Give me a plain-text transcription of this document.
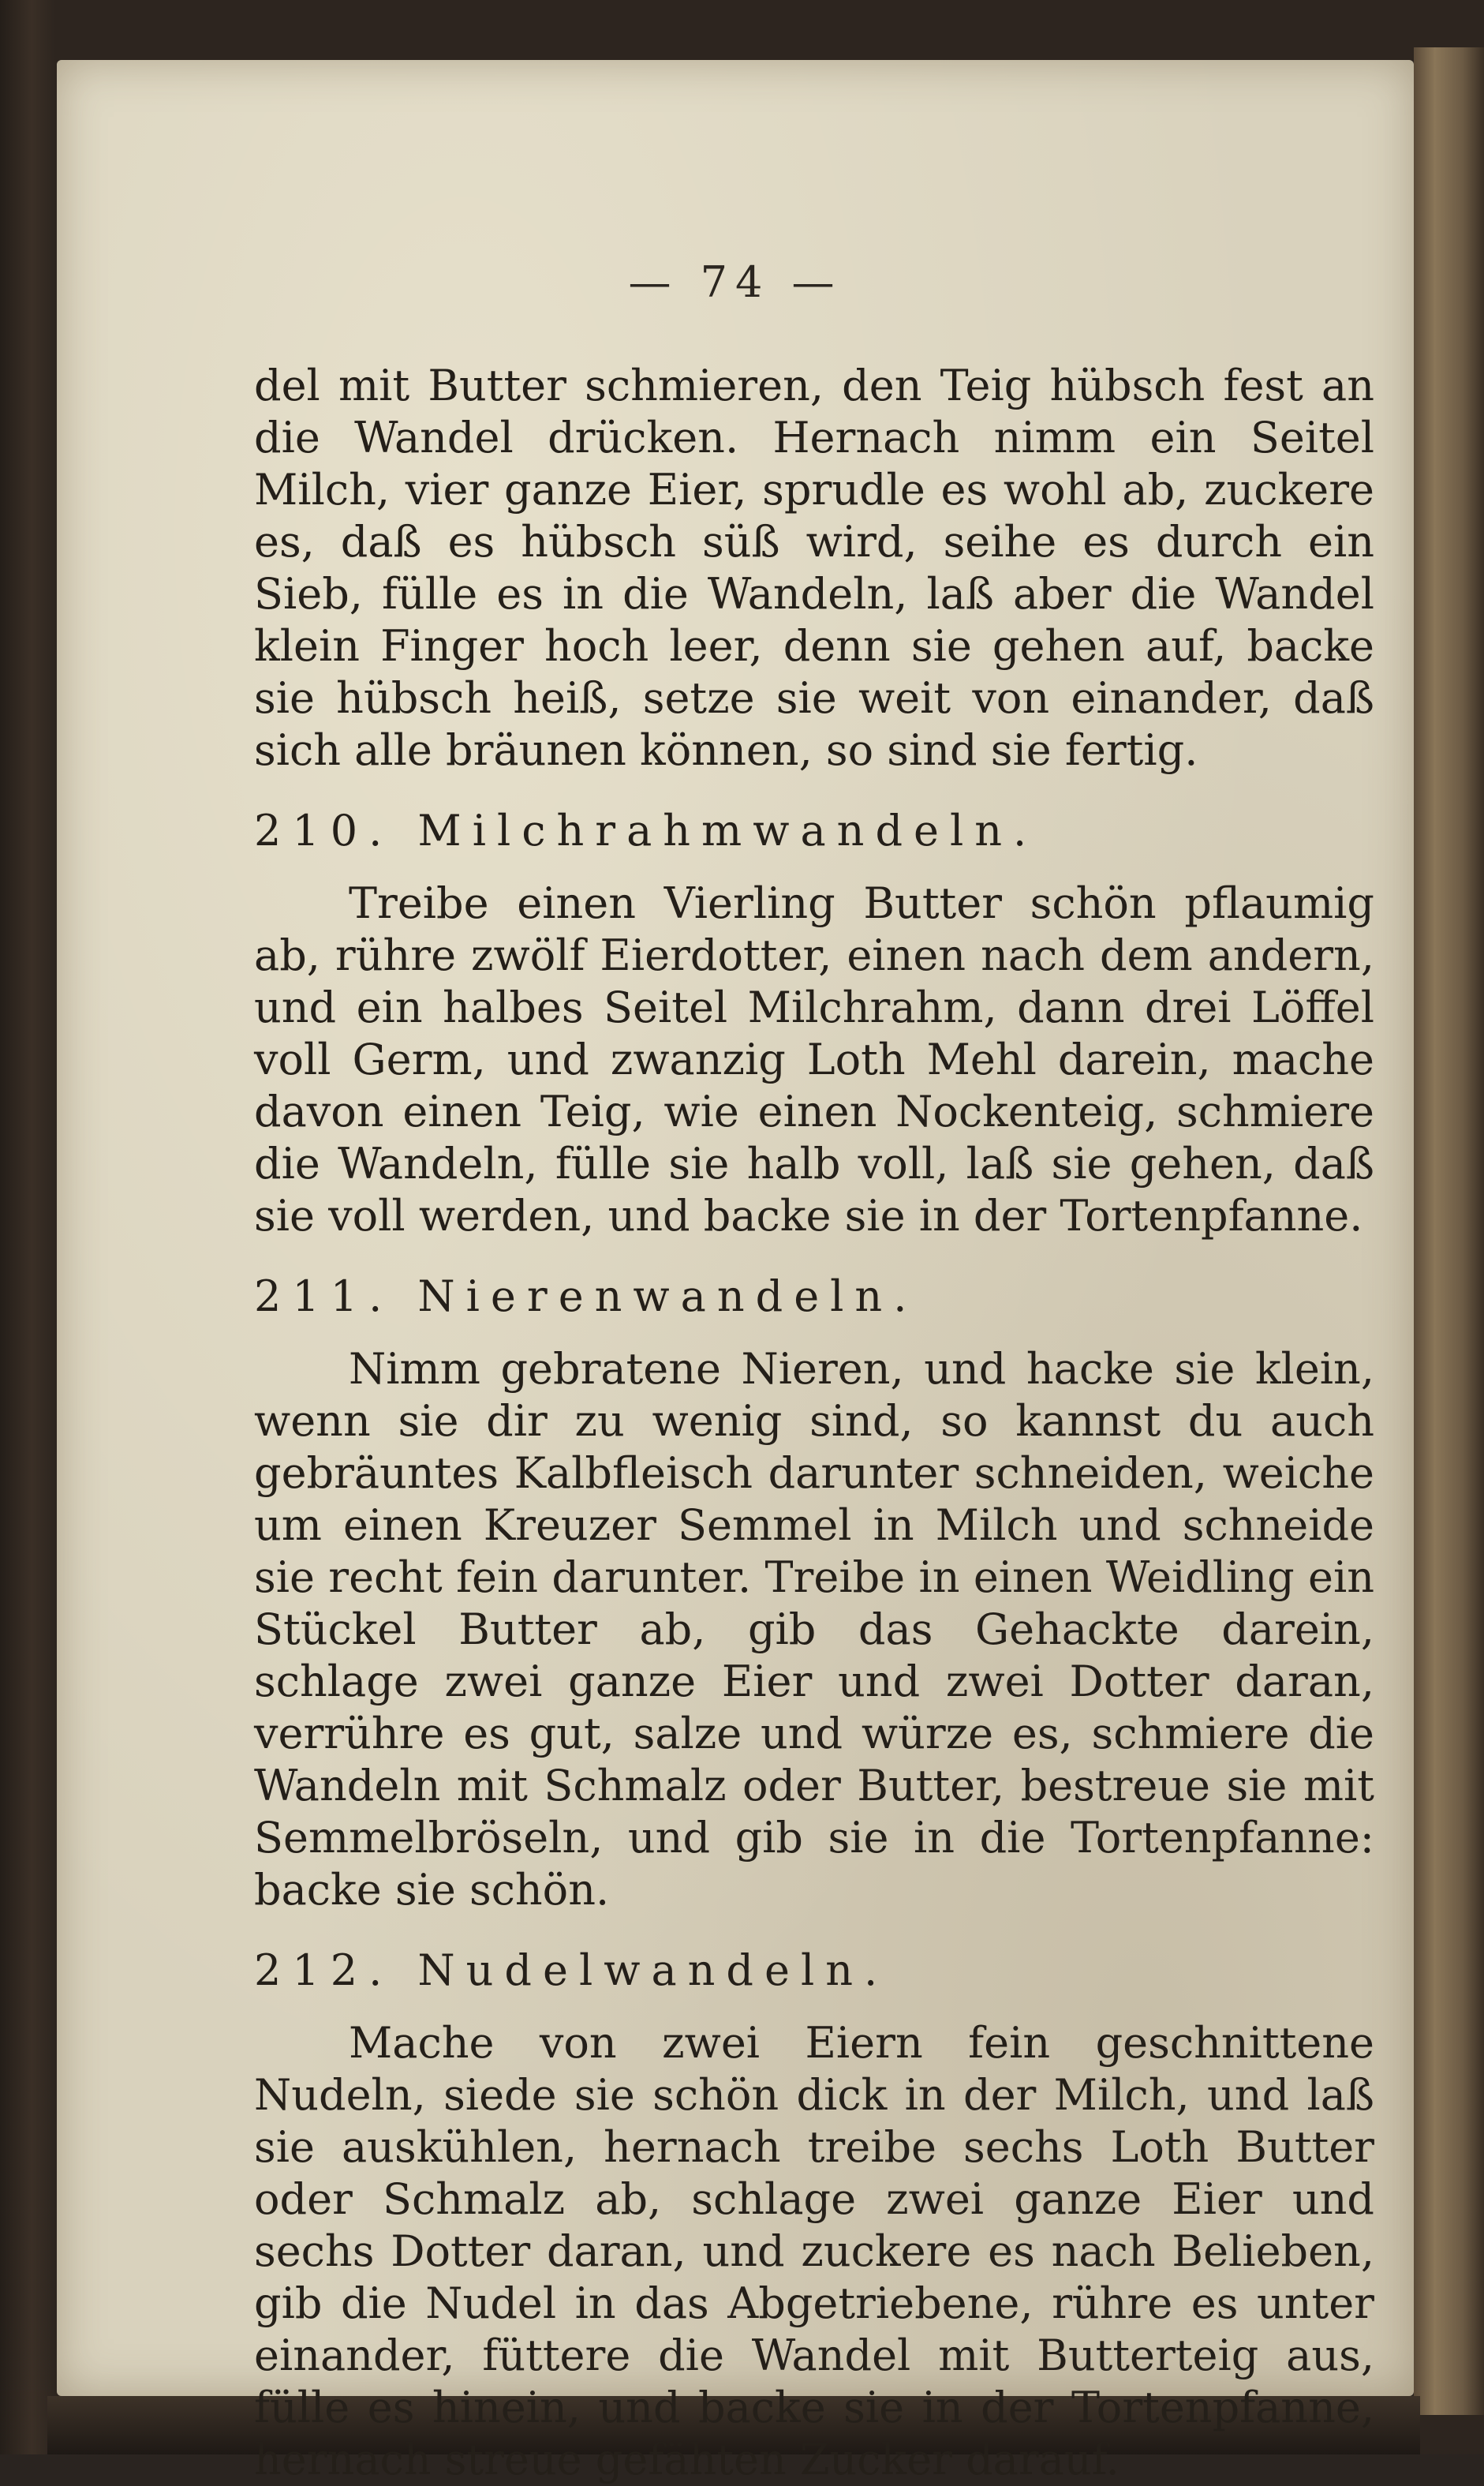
— 74 —

del mit Butter schmieren, den Teig hübsch fest an die Wandel drücken. Hernach nimm ein Seitel Milch, vier ganze Eier, sprudle es wohl ab, zuckere es, daß es hübsch süß wird, seihe es durch ein Sieb, fülle es in die Wandeln, laß aber die Wandel klein Finger hoch leer, denn sie gehen auf, backe sie hübsch heiß, setze sie weit von einander, daß sich alle bräunen können, so sind sie fertig.

210. Milchrahmwandeln.

Treibe einen Vierling Butter schön pflaumig ab, rühre zwölf Eierdotter, einen nach dem andern, und ein halbes Seitel Milchrahm, dann drei Löffel voll Germ, und zwanzig Loth Mehl darein, mache davon einen Teig, wie einen Nockenteig, schmiere die Wandeln, fülle sie halb voll, laß sie gehen, daß sie voll werden, und backe sie in der Tortenpfanne.

211. Nierenwandeln.

Nimm gebratene Nieren, und hacke sie klein, wenn sie dir zu wenig sind, so kannst du auch gebräuntes Kalbfleisch darunter schneiden, weiche um einen Kreuzer Semmel in Milch und schneide sie recht fein darunter. Treibe in einen Weidling ein Stückel Butter ab, gib das Gehackte darein, schlage zwei ganze Eier und zwei Dotter daran, verrühre es gut, salze und würze es, schmiere die Wandeln mit Schmalz oder Butter, bestreue sie mit Semmelbröseln, und gib sie in die Tortenpfanne: backe sie schön.

212. Nudelwandeln.

Mache von zwei Eiern fein geschnittene Nudeln, siede sie schön dick in der Milch, und laß sie auskühlen, hernach treibe sechs Loth Butter oder Schmalz ab, schlage zwei ganze Eier und sechs Dotter daran, und zuckere es nach Belieben, gib die Nudel in das Abgetriebene, rühre es unter einander, füttere die Wandel mit Butterteig aus, fülle es hinein, und backe sie in der Tortenpfanne, hernach streue gefähten Zucker darauf.
